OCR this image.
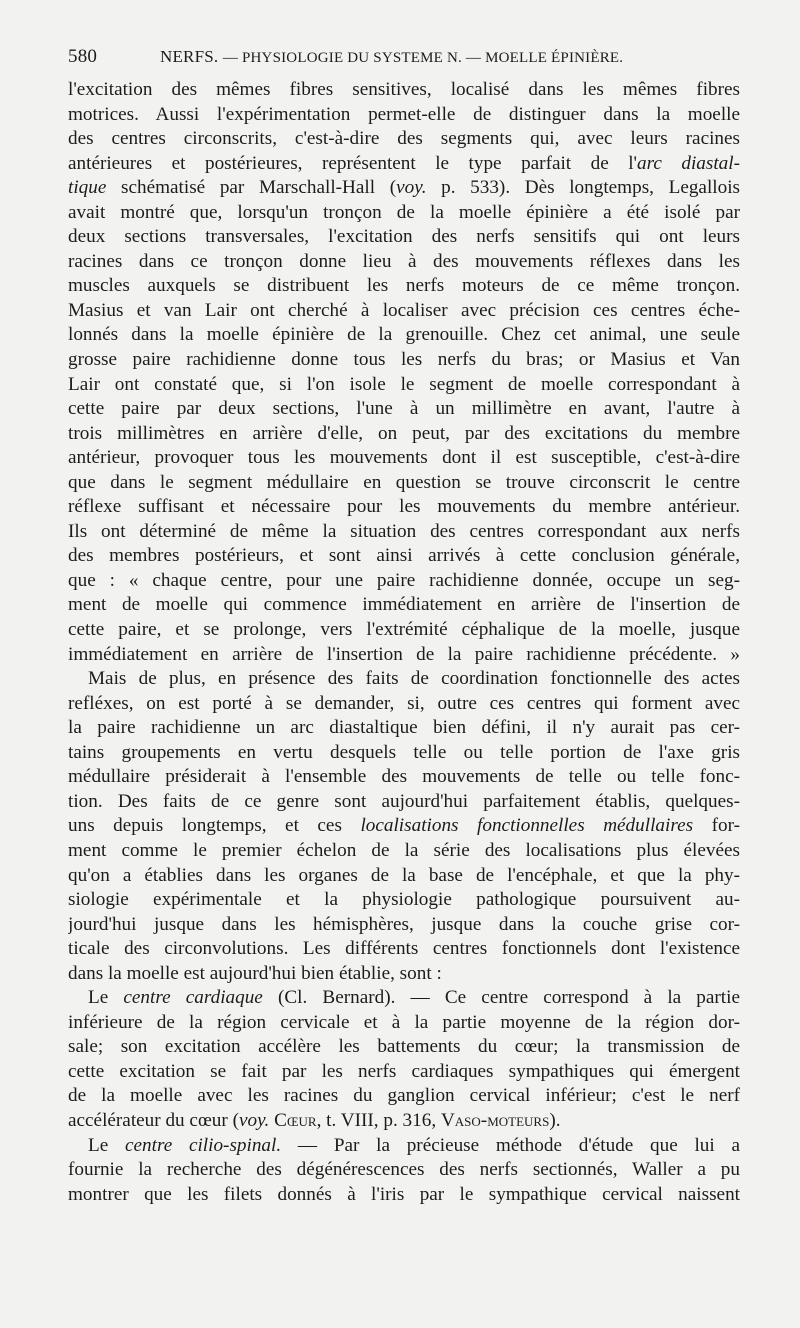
580	NERFS. — PHYSIOLOGIE DU SYSTEME N. — MOELLE ÉPINIÈRE.
l'excitation des mêmes fibres sensitives, localisé dans les mêmes fibres
motrices. Aussi l'expérimentation permet-elle de distinguer dans la moelle
des centres circonscrits, c'est-à-dire des segments qui, avec leurs racines
antérieures et postérieures, représentent le type parfait de l'arc diastal-
tique schématisé par Marschall-Hall (voy. p. 533). Dès longtemps, Legallois
avait montré que, lorsqu'un tronçon de la moelle épinière a été isolé par
deux sections transversales, l'excitation des nerfs sensitifs qui ont leurs
racines dans ce tronçon donne lieu à des mouvements réflexes dans les
muscles auxquels se distribuent les nerfs moteurs de ce même tronçon.
Masius et van Lair ont cherché à localiser avec précision ces centres éche-
lonnés dans la moelle épinière de la grenouille. Chez cet animal, une seule
grosse paire rachidienne donne tous les nerfs du bras; or Masius et Van
Lair ont constaté que, si l'on isole le segment de moelle correspondant à
cette paire par deux sections, l'une à un millimètre en avant, l'autre à
trois millimètres en arrière d'elle, on peut, par des excitations du membre
antérieur, provoquer tous les mouvements dont il est susceptible, c'est-à-dire
que dans le segment médullaire en question se trouve circonscrit le centre
réflexe suffisant et nécessaire pour les mouvements du membre antérieur.
Ils ont déterminé de même la situation des centres correspondant aux nerfs
des membres postérieurs, et sont ainsi arrivés à cette conclusion générale,
que : « chaque centre, pour une paire rachidienne donnée, occupe un seg-
ment de moelle qui commence immédiatement en arrière de l'insertion de
cette paire, et se prolonge, vers l'extrémité céphalique de la moelle, jusque
immédiatement en arrière de l'insertion de la paire rachidienne précédente. »
Mais de plus, en présence des faits de coordination fonctionnelle des actes
refléxes, on est porté à se demander, si, outre ces centres qui forment avec
la paire rachidienne un arc diastaltique bien défini, il n'y aurait pas cer-
tains groupements en vertu desquels telle ou telle portion de l'axe gris
médullaire présiderait à l'ensemble des mouvements de telle ou telle fonc-
tion. Des faits de ce genre sont aujourd'hui parfaitement établis, quelques-
uns depuis longtemps, et ces localisations fonctionnelles médullaires for-
ment comme le premier échelon de la série des localisations plus élevées
qu'on a établies dans les organes de la base de l'encéphale, et que la phy-
siologie expérimentale et la physiologie pathologique poursuivent au-
jourd'hui jusque dans les hémisphères, jusque dans la couche grise cor-
ticale des circonvolutions. Les différents centres fonctionnels dont l'existence
dans la moelle est aujourd'hui bien établie, sont :
Le centre cardiaque (Cl. Bernard). — Ce centre correspond à la partie
inférieure de la région cervicale et à la partie moyenne de la région dor-
sale; son excitation accélère les battements du cœur; la transmission de
cette excitation se fait par les nerfs cardiaques sympathiques qui émergent
de la moelle avec les racines du ganglion cervical inférieur; c'est le nerf
accélérateur du cœur (voy. Cœur, t. VIII, p. 316, Vaso-moteurs).
Le centre cilio-spinal. — Par la précieuse méthode d'étude que lui a
fournie la recherche des dégénérescences des nerfs sectionnés, Waller a pu
montrer que les filets donnés à l'iris par le sympathique cervical naissent
